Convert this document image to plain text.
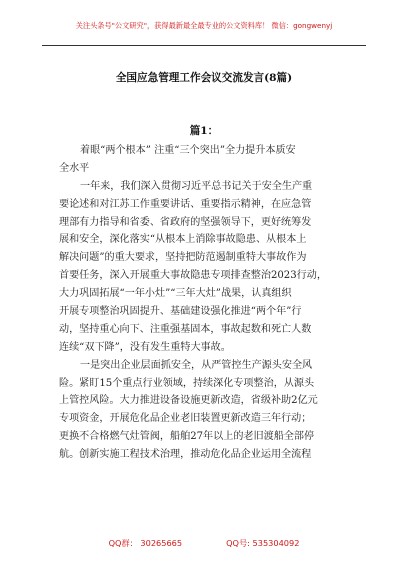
关注头条号"公文研究"，获得最新最全最专业的公文资料库！ 微信：gongwenyj
全国应急管理工作会议交流发言(8篇)
篇1：
着眼“两个根本” 注重“三个突出”全力提升本质安
全水平
一年来，我们深入贯彻习近平总书记关于安全生产重
要论述和对江苏工作重要讲话、重要指示精神，在应急管
理部有力指导和省委、省政府的坚强领导下，更好统筹发
展和安全，深化落实“从根本上消除事故隐患、从根本上
解决问题”的重大要求，坚持把防范遏制重特大事故作为
首要任务，深入开展重大事故隐患专项排查整治2023行动，
大力巩固拓展“一年小灶”“三年大灶”战果，认真组织
开展专项整治巩固提升、基础建设强化推进“两个年”行
动，坚持重心向下、注重强基固本，事故起数和死亡人数
连续“双下降”，没有发生重特大事故。
一是突出企业层面抓安全，从严管控生产源头安全风
险。紧盯15个重点行业领域，持续深化专项整治，从源头
上管控风险。大力推进设备设施更新改造，省级补助2亿元
专项资金，开展危化品企业老旧装置更新改造三年行动；
更换不合格燃气灶管阀，船舶27年以上的老旧渡船全部停
航。创新实施工程技术治理，推动危化品企业运用全流程
QQ群： 30265665	QQ号: 535304092
